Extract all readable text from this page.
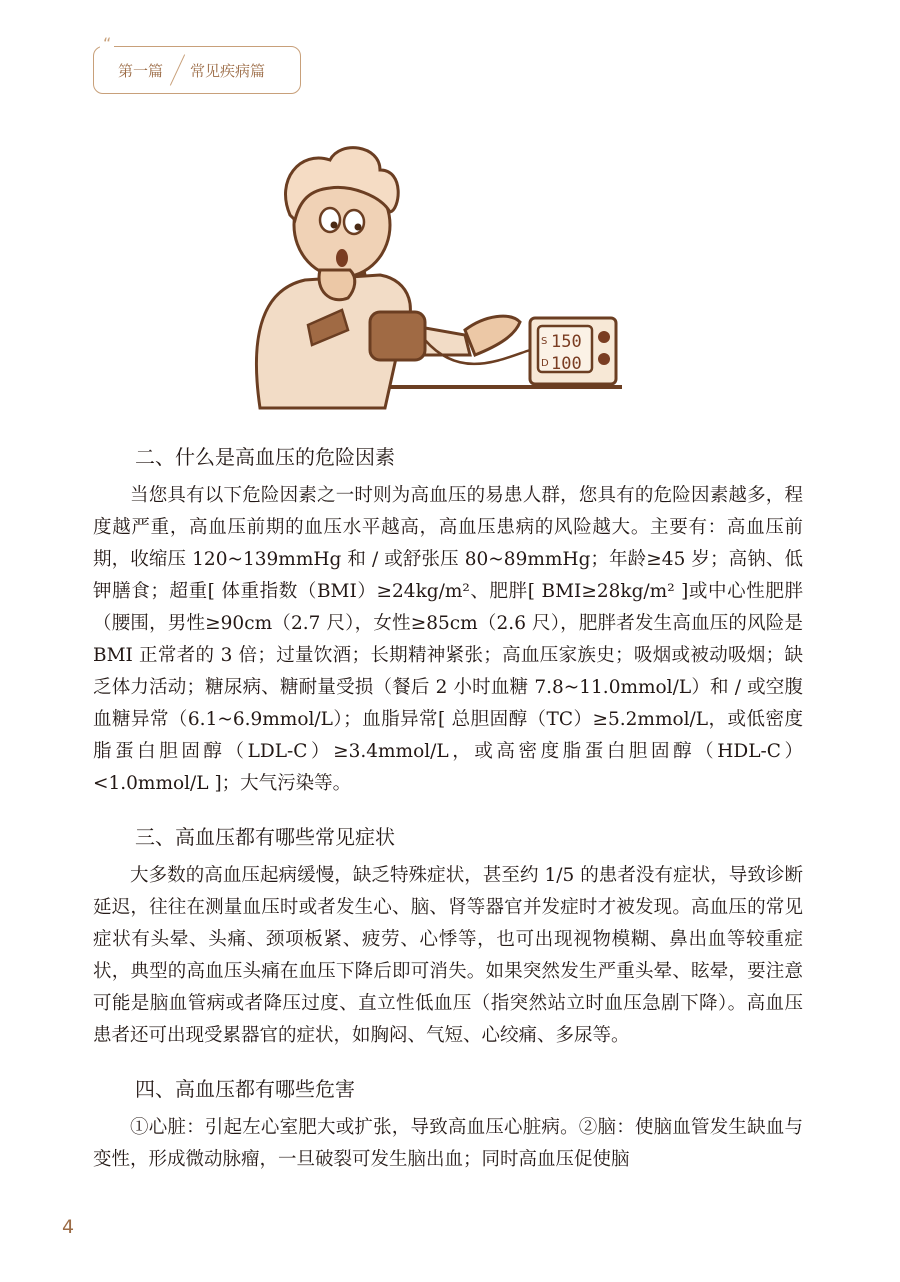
“
第一篇 常见疾病篇
S 150
D 100
二、什么是高血压的危险因素

当您具有以下危险因素之一时则为高血压的易患人群，您具有的危险因素越多，程度越严重，高血压前期的血压水平越高，高血压患病的风险越大。主要有：高血压前期，收缩压 120~139mmHg 和 / 或舒张压 80~89mmHg；年龄≥45 岁；高钠、低钾膳食；超重[ 体重指数（BMI）≥24kg/m²、肥胖[ BMI≥28kg/m² ]或中心性肥胖（腰围，男性≥90cm（2.7 尺），女性≥85cm（2.6 尺），肥胖者发生高血压的风险是 BMI 正常者的 3 倍；过量饮酒；长期精神紧张；高血压家族史；吸烟或被动吸烟；缺乏体力活动；糖尿病、糖耐量受损（餐后 2 小时血糖 7.8~11.0mmol/L）和 / 或空腹血糖异常（6.1~6.9mmol/L）；血脂异常[ 总胆固醇（TC）≥5.2mmol/L，或低密度脂蛋白胆固醇（LDL-C）≥3.4mmol/L，或高密度脂蛋白胆固醇（HDL-C）<1.0mmol/L ]；大气污染等。

三、高血压都有哪些常见症状

大多数的高血压起病缓慢，缺乏特殊症状，甚至约 1/5 的患者没有症状，导致诊断延迟，往往在测量血压时或者发生心、脑、肾等器官并发症时才被发现。高血压的常见症状有头晕、头痛、颈项板紧、疲劳、心悸等，也可出现视物模糊、鼻出血等较重症状，典型的高血压头痛在血压下降后即可消失。如果突然发生严重头晕、眩晕，要注意可能是脑血管病或者降压过度、直立性低血压（指突然站立时血压急剧下降）。高血压患者还可出现受累器官的症状，如胸闷、气短、心绞痛、多尿等。

四、高血压都有哪些危害

①心脏：引起左心室肥大或扩张，导致高血压心脏病。②脑：使脑血管发生缺血与变性，形成微动脉瘤，一旦破裂可发生脑出血；同时高血压促使脑

4
